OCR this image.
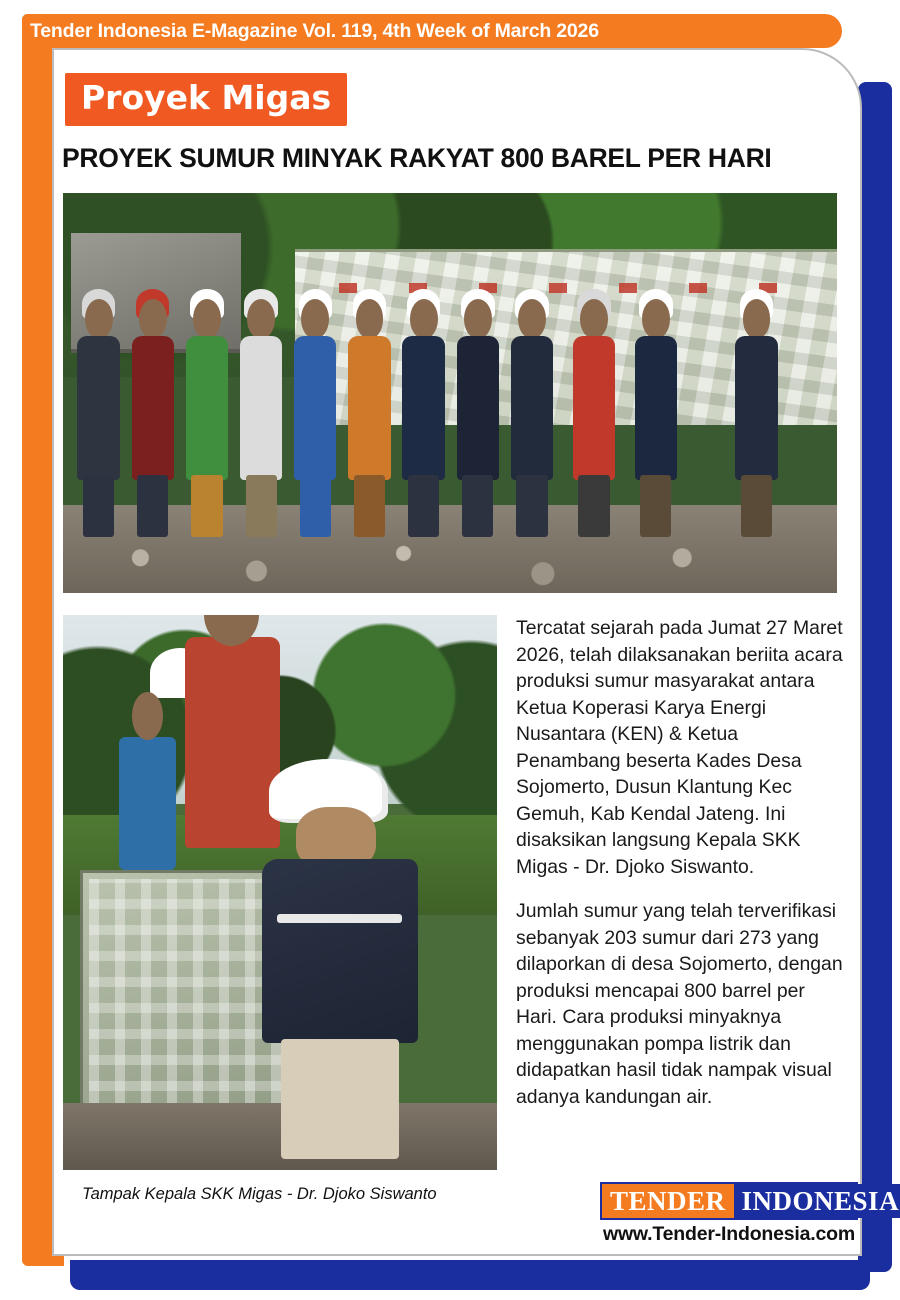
Tender Indonesia E-Magazine Vol. 119, 4th Week of March 2026
Proyek Migas
PROYEK SUMUR MINYAK RAKYAT 800 BAREL PER HARI

Tercatat sejarah pada Jumat 27 Maret 2026, telah dilaksanakan beriita acara produksi sumur masyarakat antara Ketua Koperasi Karya Energi Nusantara (KEN) & Ketua Penambang beserta Kades Desa Sojomerto, Dusun Klantung Kec Gemuh, Kab Kendal Jateng. Ini disaksikan langsung Kepala SKK Migas - Dr. Djoko Siswanto.

Jumlah sumur yang telah terverifikasi sebanyak 203 sumur dari 273 yang dilaporkan di desa Sojomerto, dengan produksi mencapai 800 barrel per Hari. Cara produksi minyaknya menggunakan pompa listrik dan didapatkan hasil tidak nampak visual adanya kandungan air.

Tampak Kepala SKK Migas - Dr. Djoko Siswanto	TENDER INDONESIA
www.Tender-Indonesia.com
